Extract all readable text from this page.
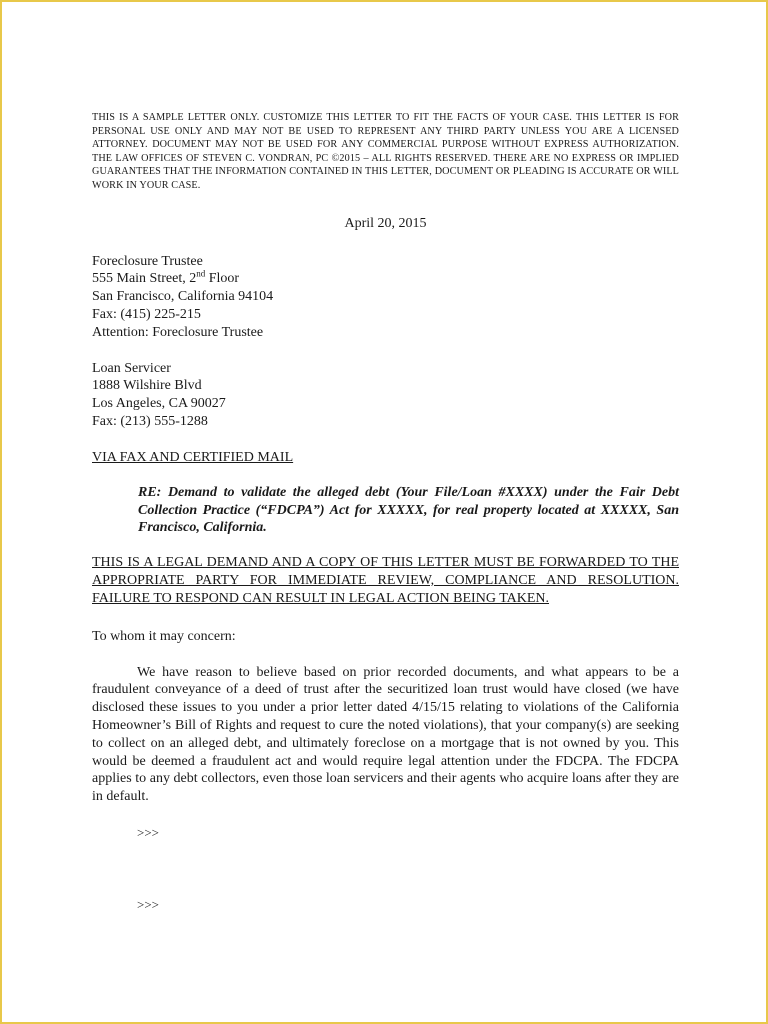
THIS IS A SAMPLE LETTER ONLY. CUSTOMIZE THIS LETTER TO FIT THE FACTS OF YOUR CASE. THIS LETTER IS FOR PERSONAL USE ONLY AND MAY NOT BE USED TO REPRESENT ANY THIRD PARTY UNLESS YOU ARE A LICENSED ATTORNEY. DOCUMENT MAY NOT BE USED FOR ANY COMMERCIAL PURPOSE WITHOUT EXPRESS AUTHORIZATION. THE LAW OFFICES OF STEVEN C. VONDRAN, PC ©2015 – ALL RIGHTS RESERVED. THERE ARE NO EXPRESS OR IMPLIED GUARANTEES THAT THE INFORMATION CONTAINED IN THIS LETTER, DOCUMENT OR PLEADING IS ACCURATE OR WILL WORK IN YOUR CASE.

April 20, 2015
Foreclosure Trustee
555 Main Street, 2nd Floor
San Francisco, California 94104
Fax: (415) 225-215
Attention: Foreclosure Trustee
Loan Servicer
1888 Wilshire Blvd
Los Angeles, CA 90027
Fax: (213) 555-1288
VIA FAX AND CERTIFIED MAIL
RE: Demand to validate the alleged debt (Your File/Loan #XXXX) under the Fair Debt Collection Practice (“FDCPA”) Act for XXXXX, for real property located at XXXXX, San Francisco, California.
THIS IS A LEGAL DEMAND AND A COPY OF THIS LETTER MUST BE FORWARDED TO THE APPROPRIATE PARTY FOR IMMEDIATE REVIEW, COMPLIANCE AND RESOLUTION. FAILURE TO RESPOND CAN RESULT IN LEGAL ACTION BEING TAKEN.
To whom it may concern:
We have reason to believe based on prior recorded documents, and what appears to be a fraudulent conveyance of a deed of trust after the securitized loan trust would have closed (we have disclosed these issues to you under a prior letter dated 4/15/15 relating to violations of the California Homeowner’s Bill of Rights and request to cure the noted violations), that your company(s) are seeking to collect on an alleged debt, and ultimately foreclose on a mortgage that is not owned by you. This would be deemed a fraudulent act and would require legal attention under the FDCPA. The FDCPA applies to any debt collectors, even those loan servicers and their agents who acquire loans after they are in default.
>>>
>>>
